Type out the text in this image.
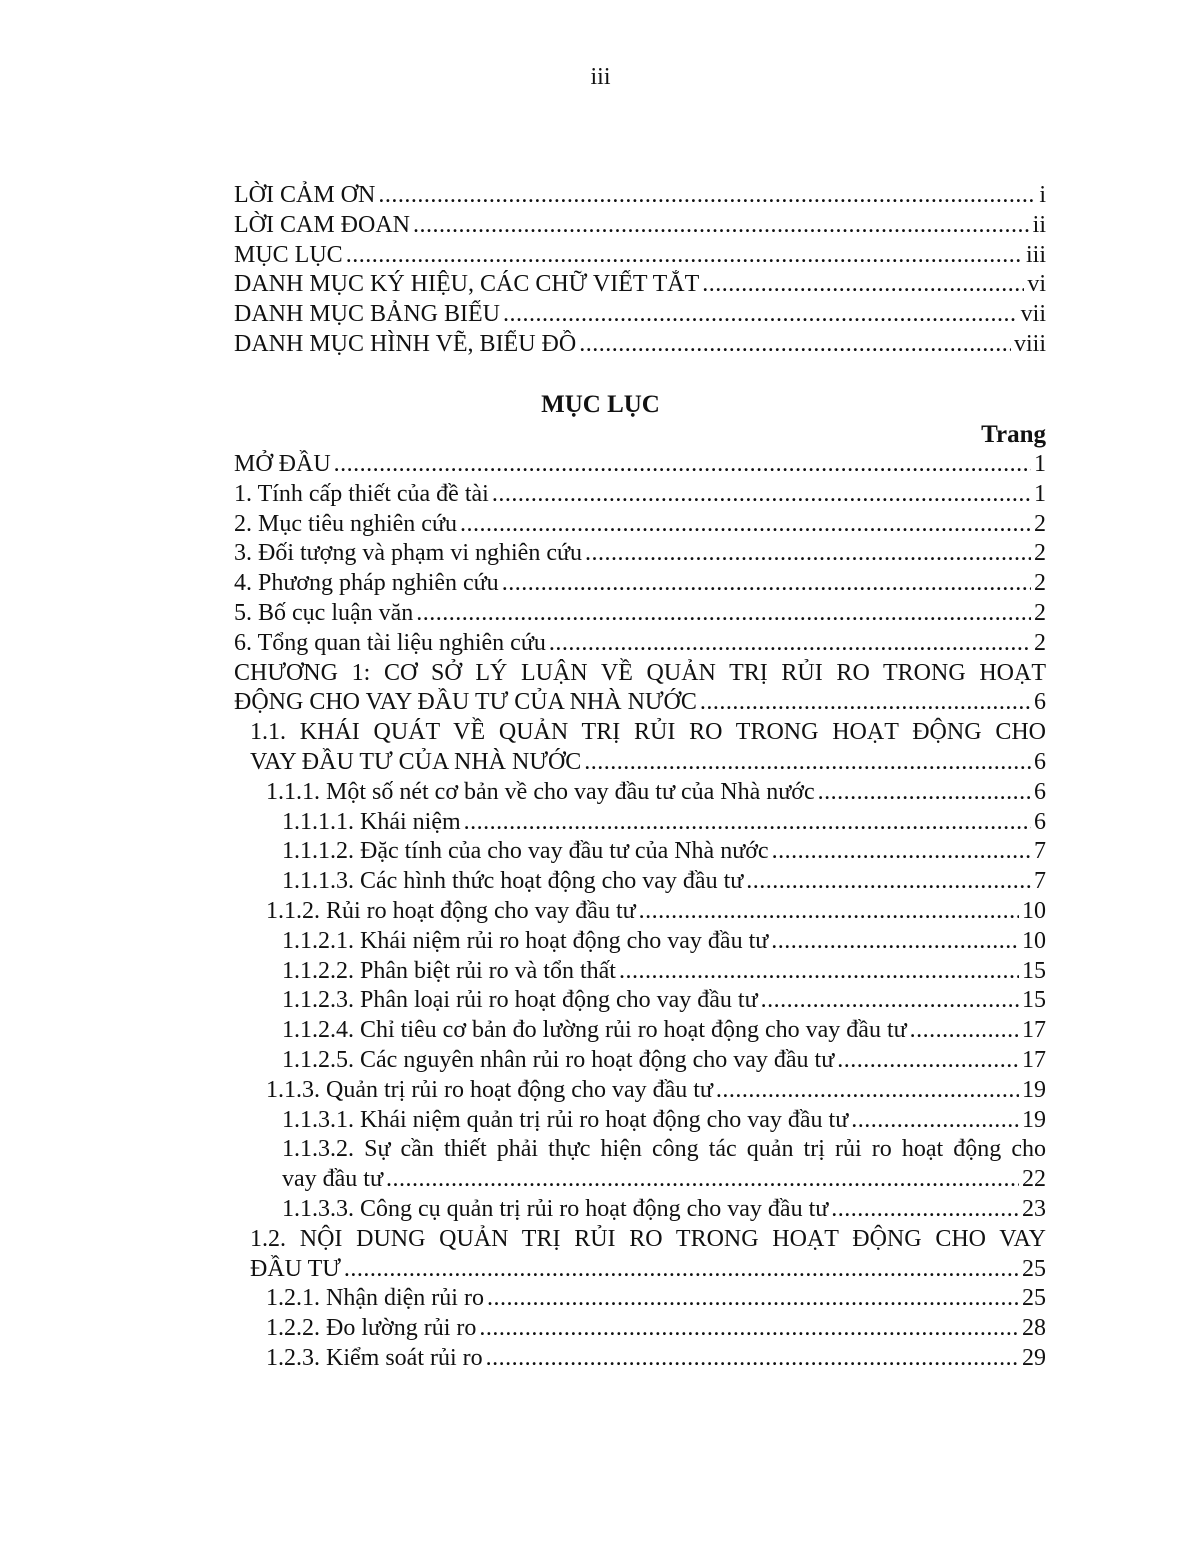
iii
LỜI CẢM ƠN .....	i
LỜI CAM ĐOAN .....	ii
MỤC LỤC .....	iii
DANH MỤC KÝ HIỆU, CÁC CHỮ VIẾT TẮT .....	vi
DANH MỤC BẢNG BIỂU .....	vii
DANH MỤC HÌNH VẼ, BIỂU ĐỒ .....	viii
MỤC LỤC
Trang
MỞ ĐẦU .....	1
1. Tính cấp thiết của đề tài .....	1
2. Mục tiêu nghiên cứu .....	2
3. Đối tượng và phạm vi nghiên cứu .....	2
4. Phương pháp nghiên cứu .....	2
5. Bố cục luận văn .....	2
6. Tổng quan tài liệu nghiên cứu .....	2
CHƯƠNG 1: CƠ SỞ LÝ LUẬN VỀ QUẢN TRỊ RỦI RO TRONG HOẠT
ĐỘNG CHO VAY ĐẦU TƯ CỦA NHÀ NƯỚC .....	6
1.1. KHÁI QUÁT VỀ QUẢN TRỊ RỦI RO TRONG HOẠT ĐỘNG CHO
VAY ĐẦU TƯ CỦA NHÀ NƯỚC .....	6
1.1.1. Một số nét cơ bản về cho vay đầu tư của Nhà nước .....	6
1.1.1.1. Khái niệm .....	6
1.1.1.2. Đặc tính của cho vay đầu tư của Nhà nước .....	7
1.1.1.3. Các hình thức hoạt động cho vay đầu tư .....	7
1.1.2. Rủi ro hoạt động cho vay đầu tư .....	10
1.1.2.1. Khái niệm rủi ro hoạt động cho vay đầu tư .....	10
1.1.2.2. Phân biệt rủi ro và tổn thất .....	15
1.1.2.3. Phân loại rủi ro hoạt động cho vay đầu tư .....	15
1.1.2.4. Chỉ tiêu cơ bản đo lường rủi ro hoạt động cho vay đầu tư .....	17
1.1.2.5. Các nguyên nhân rủi ro hoạt động cho vay đầu tư .....	17
1.1.3. Quản trị rủi ro hoạt động cho vay đầu tư .....	19
1.1.3.1. Khái niệm quản trị rủi ro hoạt động cho vay đầu tư .....	19
1.1.3.2. Sự cần thiết phải thực hiện công tác quản trị rủi ro hoạt động cho
vay đầu tư .....	22
1.1.3.3. Công cụ quản trị rủi ro hoạt động cho vay đầu tư .....	23
1.2. NỘI DUNG QUẢN TRỊ RỦI RO TRONG HOẠT ĐỘNG CHO VAY
ĐẦU TƯ .....	25
1.2.1. Nhận diện rủi ro .....	25
1.2.2. Đo lường rủi ro .....	28
1.2.3. Kiểm soát rủi ro .....	29
